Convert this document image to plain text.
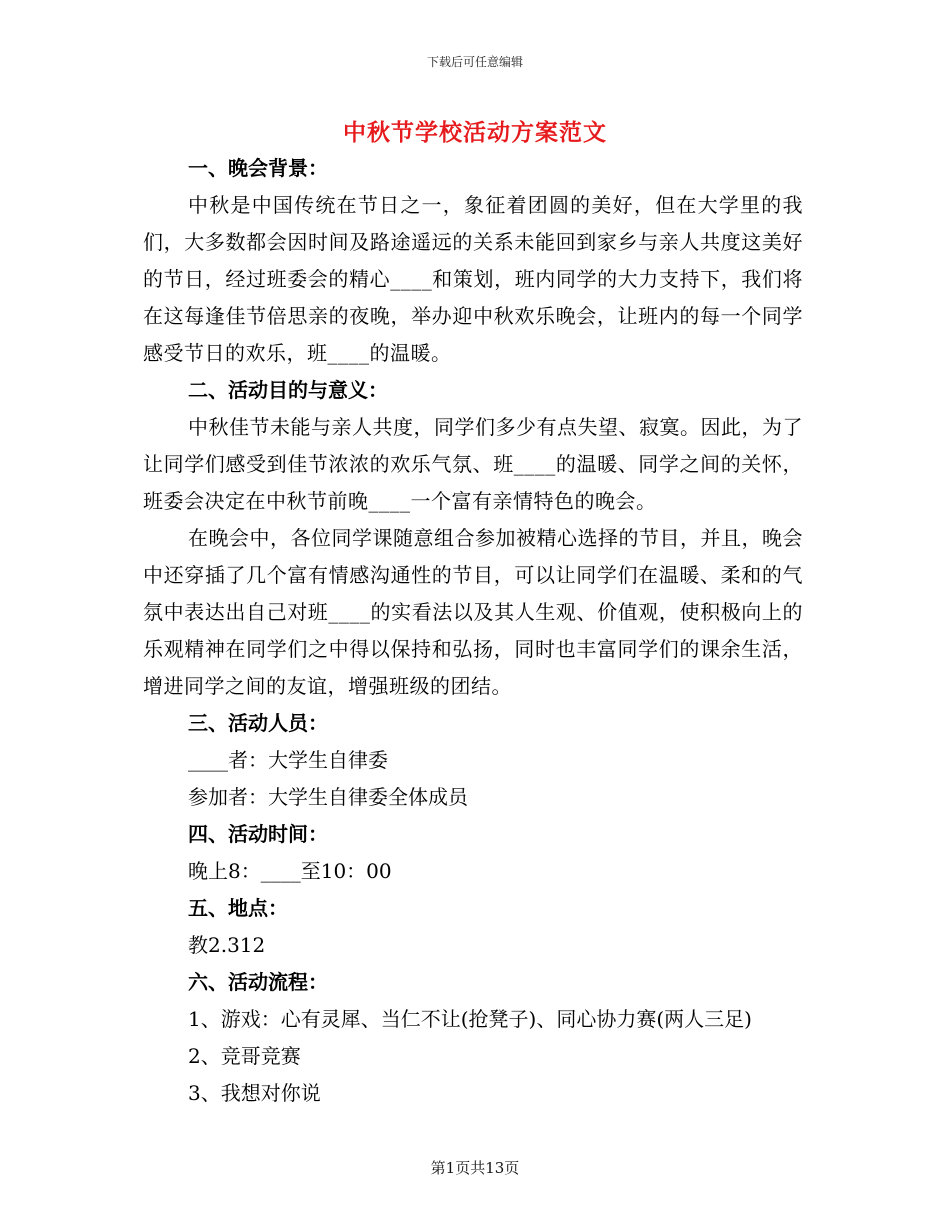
下载后可任意编辑
中秋节学校活动方案范文
一、晚会背景：

中秋是中国传统在节日之一，象征着团圆的美好，但在大学里的我们，大多数都会因时间及路途遥远的关系未能回到家乡与亲人共度这美好的节日，经过班委会的精心____和策划，班内同学的大力支持下，我们将在这每逢佳节倍思亲的夜晚，举办迎中秋欢乐晚会，让班内的每一个同学感受节日的欢乐，班____的温暖。

二、活动目的与意义：

中秋佳节未能与亲人共度，同学们多少有点失望、寂寞。因此，为了让同学们感受到佳节浓浓的欢乐气氛、班____的温暖、同学之间的关怀，班委会决定在中秋节前晚____一个富有亲情特色的晚会。

在晚会中，各位同学课随意组合参加被精心选择的节目，并且，晚会中还穿插了几个富有情感沟通性的节目，可以让同学们在温暖、柔和的气氛中表达出自己对班____的实看法以及其人生观、价值观，使积极向上的乐观精神在同学们之中得以保持和弘扬，同时也丰富同学们的课余生活，增进同学之间的友谊，增强班级的团结。

三、活动人员：
____者：大学生自律委
参加者：大学生自律委全体成员
四、活动时间：
晚上8：____至10：00
五、地点：
教2.312
六、活动流程：
1、游戏：心有灵犀、当仁不让(抢凳子)、同心协力赛(两人三足)
2、竞哥竞赛
3、我想对你说
第1页共13页
